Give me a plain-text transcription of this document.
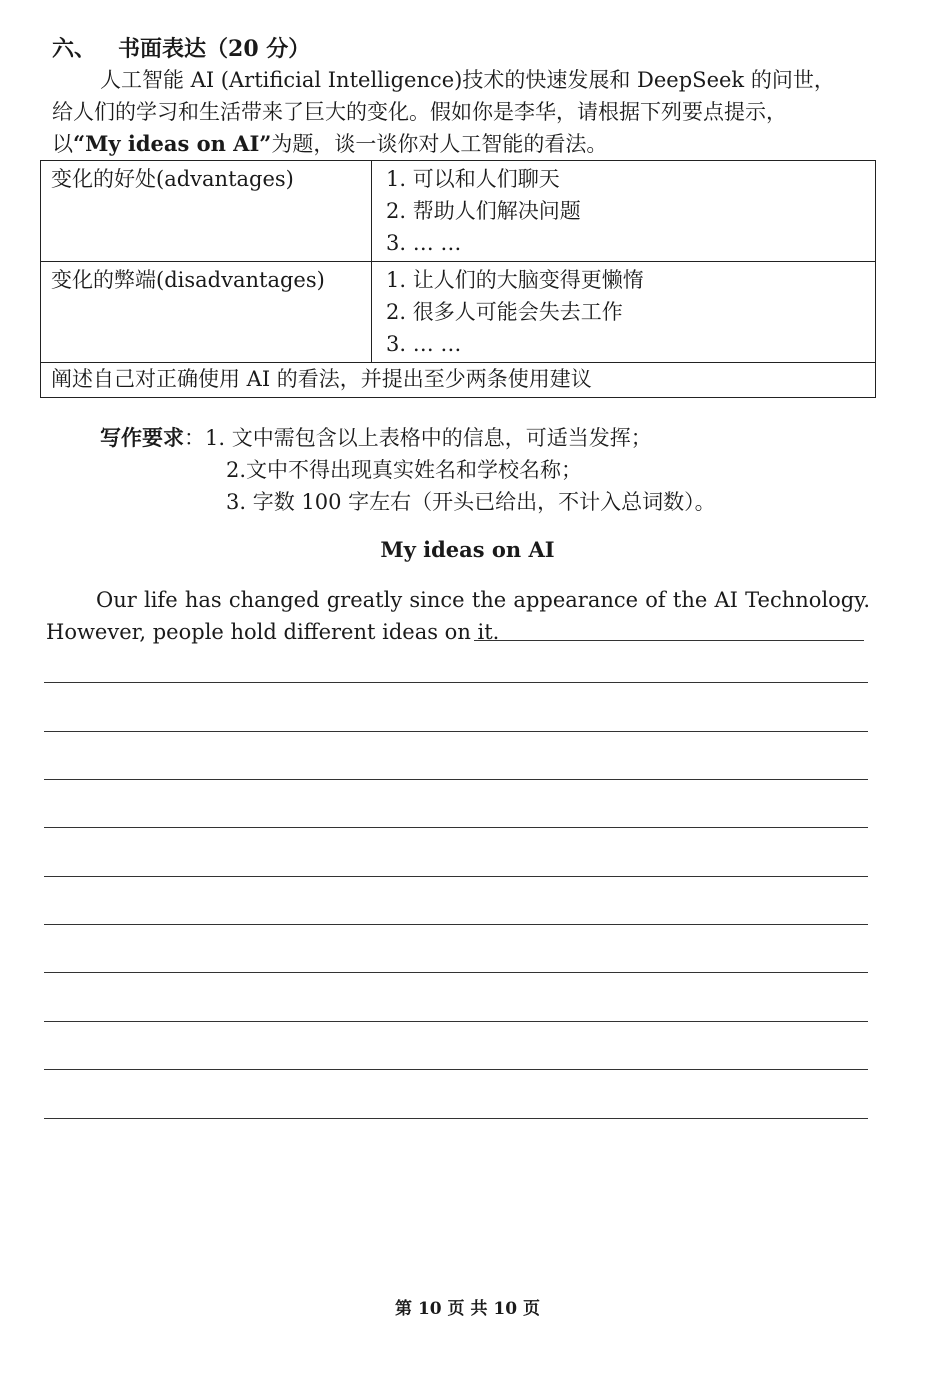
六、 书面表达（20 分）
人工智能 AI (Artificial Intelligence)技术的快速发展和 DeepSeek 的问世，
给人们的学习和生活带来了巨大的变化。假如你是李华，请根据下列要点提示，
以“My ideas on AI”为题，谈一谈你对人工智能的看法。
变化的好处(advantages)	1. 可以和人们聊天
2. 帮助人们解决问题
3. … …

变化的弊端(disadvantages)	1. 让人们的大脑变得更懒惰
2. 很多人可能会失去工作
3. … …

阐述自己对正确使用 AI 的看法，并提出至少两条使用建议	
写作要求：1. 文中需包含以上表格中的信息，可适当发挥；
2.文中不得出现真实姓名和学校名称；
3. 字数 100 字左右（开头已给出，不计入总词数）。
My ideas on AI
Our life has changed greatly since the appearance of the AI Technology.
However, people hold different ideas on it.
第 10 页 共 10 页
